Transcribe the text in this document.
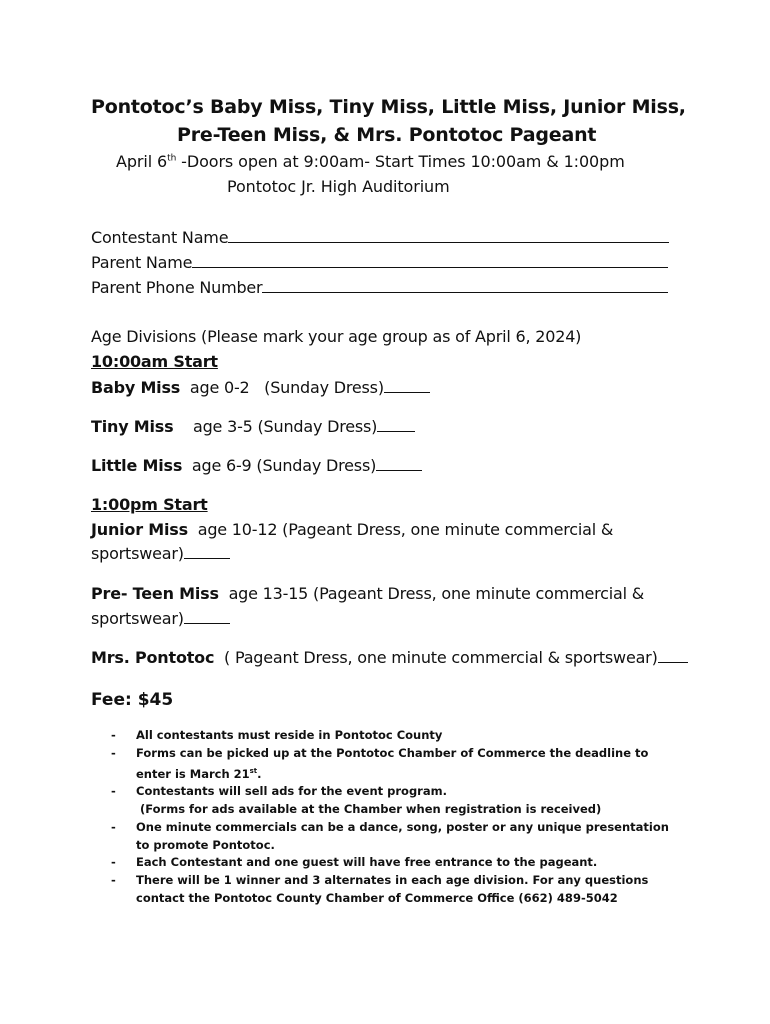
Pontotoc’s Baby Miss, Tiny Miss, Little Miss, Junior Miss,
Pre-Teen Miss, & Mrs. Pontotoc Pageant
April 6th -Doors open at 9:00am- Start Times 10:00am & 1:00pm
Pontotoc Jr. High Auditorium
Contestant Name
Parent Name
Parent Phone Number
Age Divisions (Please mark your age group as of April 6, 2024)
10:00am Start
Baby Miss  age 0-2   (Sunday Dress)
Tiny Miss    age 3-5 (Sunday Dress)
Little Miss  age 6-9 (Sunday Dress)
1:00pm Start
Junior Miss  age 10-12 (Pageant Dress, one minute commercial &
sportswear)
Pre- Teen Miss  age 13-15 (Pageant Dress, one minute commercial &
sportswear)
Mrs. Pontotoc  ( Pageant Dress, one minute commercial & sportswear)
Fee: $45
- All contestants must reside in Pontotoc County
- Forms can be picked up at the Pontotoc Chamber of Commerce the deadline to enter is March 21st.
- Contestants will sell ads for the event program.
(Forms for ads available at the Chamber when registration is received)
- One minute commercials can be a dance, song, poster or any unique presentation to promote Pontotoc.
- Each Contestant and one guest will have free entrance to the pageant.
- There will be 1 winner and 3 alternates in each age division. For any questions contact the Pontotoc County Chamber of Commerce Office (662) 489-5042
